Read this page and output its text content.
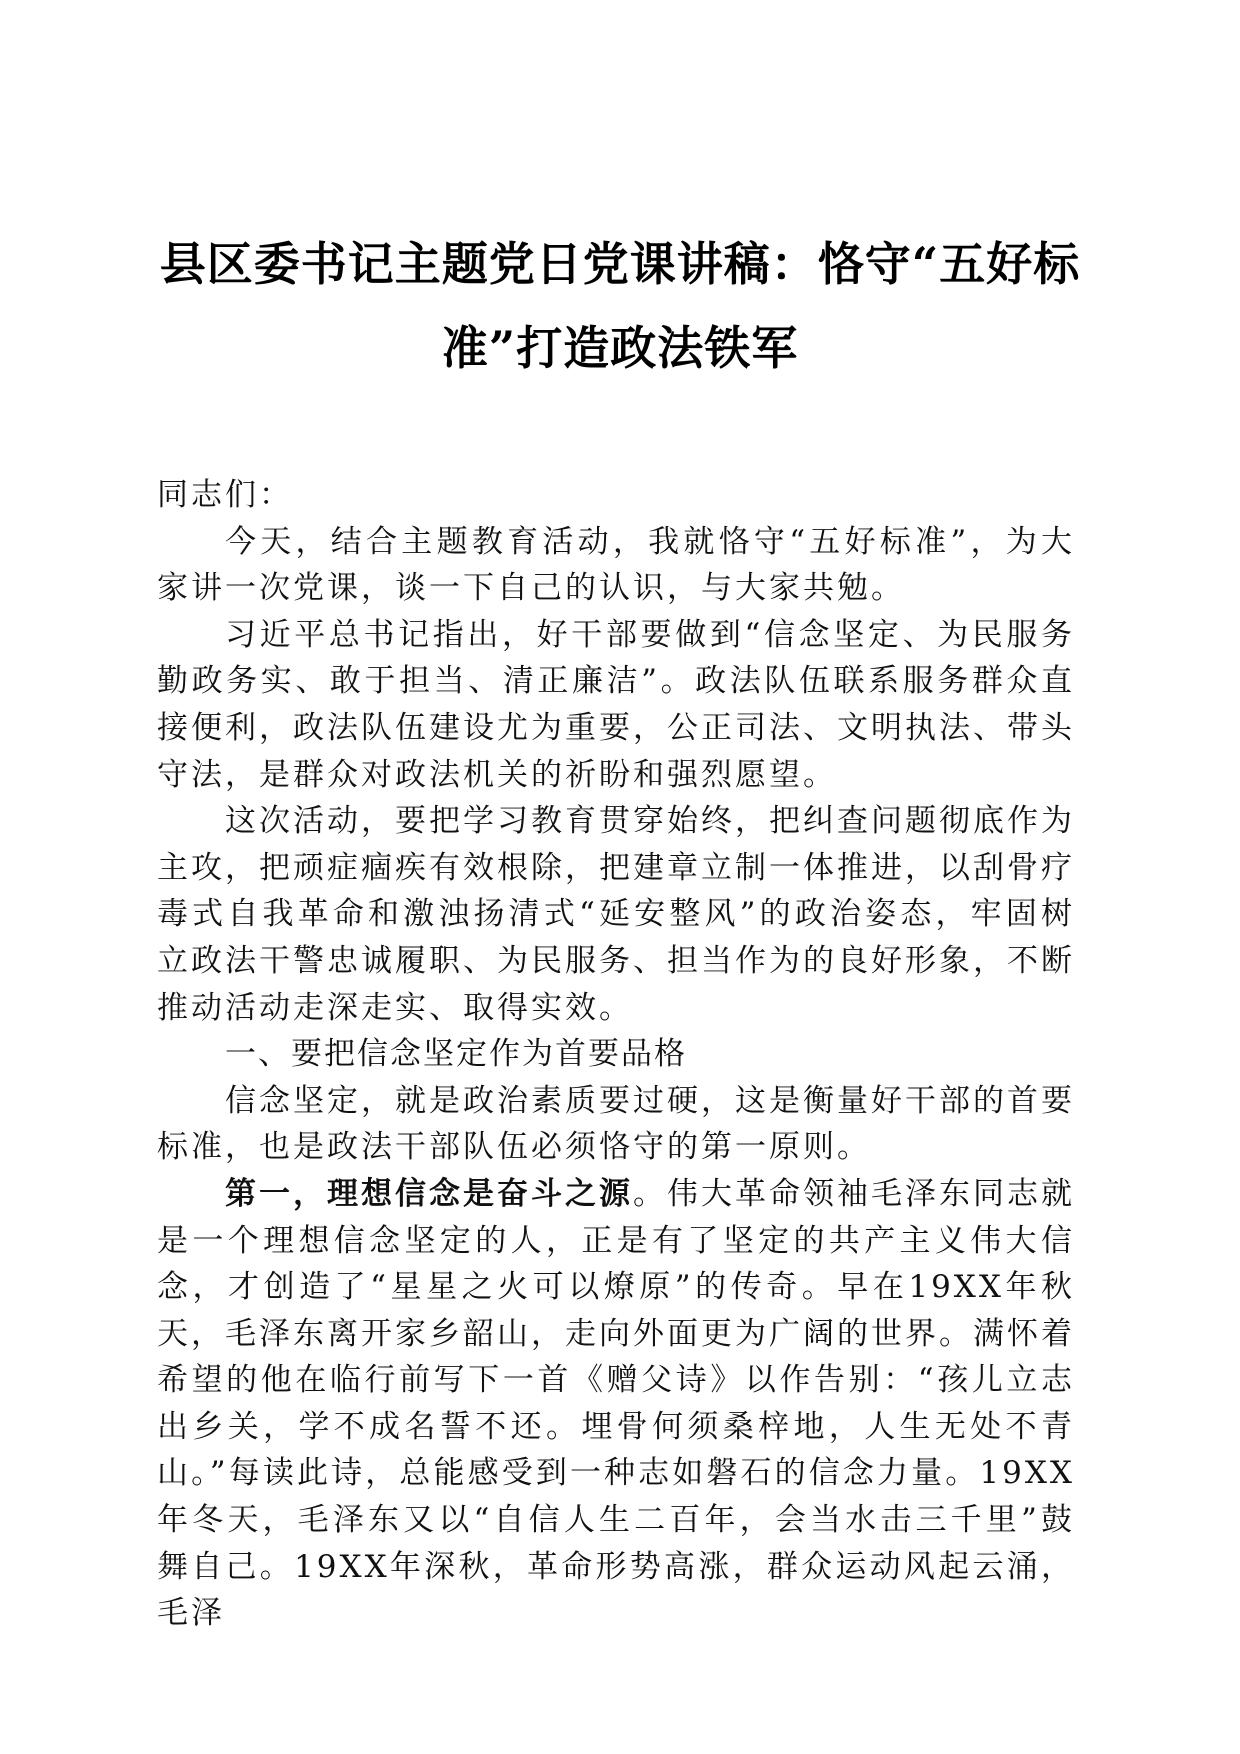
县区委书记主题党日党课讲稿：恪守“五好标准”打造政法铁军

同志们：

今天，结合主题教育活动，我就恪守“五好标准”，为大家讲一次党课，谈一下自己的认识，与大家共勉。

习近平总书记指出，好干部要做到“信念坚定、为民服务勤政务实、敢于担当、清正廉洁”。政法队伍联系服务群众直接便利，政法队伍建设尤为重要，公正司法、文明执法、带头守法，是群众对政法机关的祈盼和强烈愿望。

这次活动，要把学习教育贯穿始终，把纠查问题彻底作为主攻，把顽症痼疾有效根除，把建章立制一体推进，以刮骨疗毒式自我革命和激浊扬清式“延安整风”的政治姿态，牢固树立政法干警忠诚履职、为民服务、担当作为的良好形象，不断推动活动走深走实、取得实效。

一、要把信念坚定作为首要品格

信念坚定，就是政治素质要过硬，这是衡量好干部的首要标准，也是政法干部队伍必须恪守的第一原则。

第一，理想信念是奋斗之源。伟大革命领袖毛泽东同志就是一个理想信念坚定的人，正是有了坚定的共产主义伟大信念，才创造了“星星之火可以燎原”的传奇。早在19XX年秋天，毛泽东离开家乡韶山，走向外面更为广阔的世界。满怀着希望的他在临行前写下一首《赠父诗》以作告别：“孩儿立志出乡关，学不成名誓不还。埋骨何须桑梓地，人生无处不青山。”每读此诗，总能感受到一种志如磐石的信念力量。19XX年冬天，毛泽东又以“自信人生二百年，会当水击三千里”鼓舞自己。19XX年深秋，革命形势高涨，群众运动风起云涌，毛泽
